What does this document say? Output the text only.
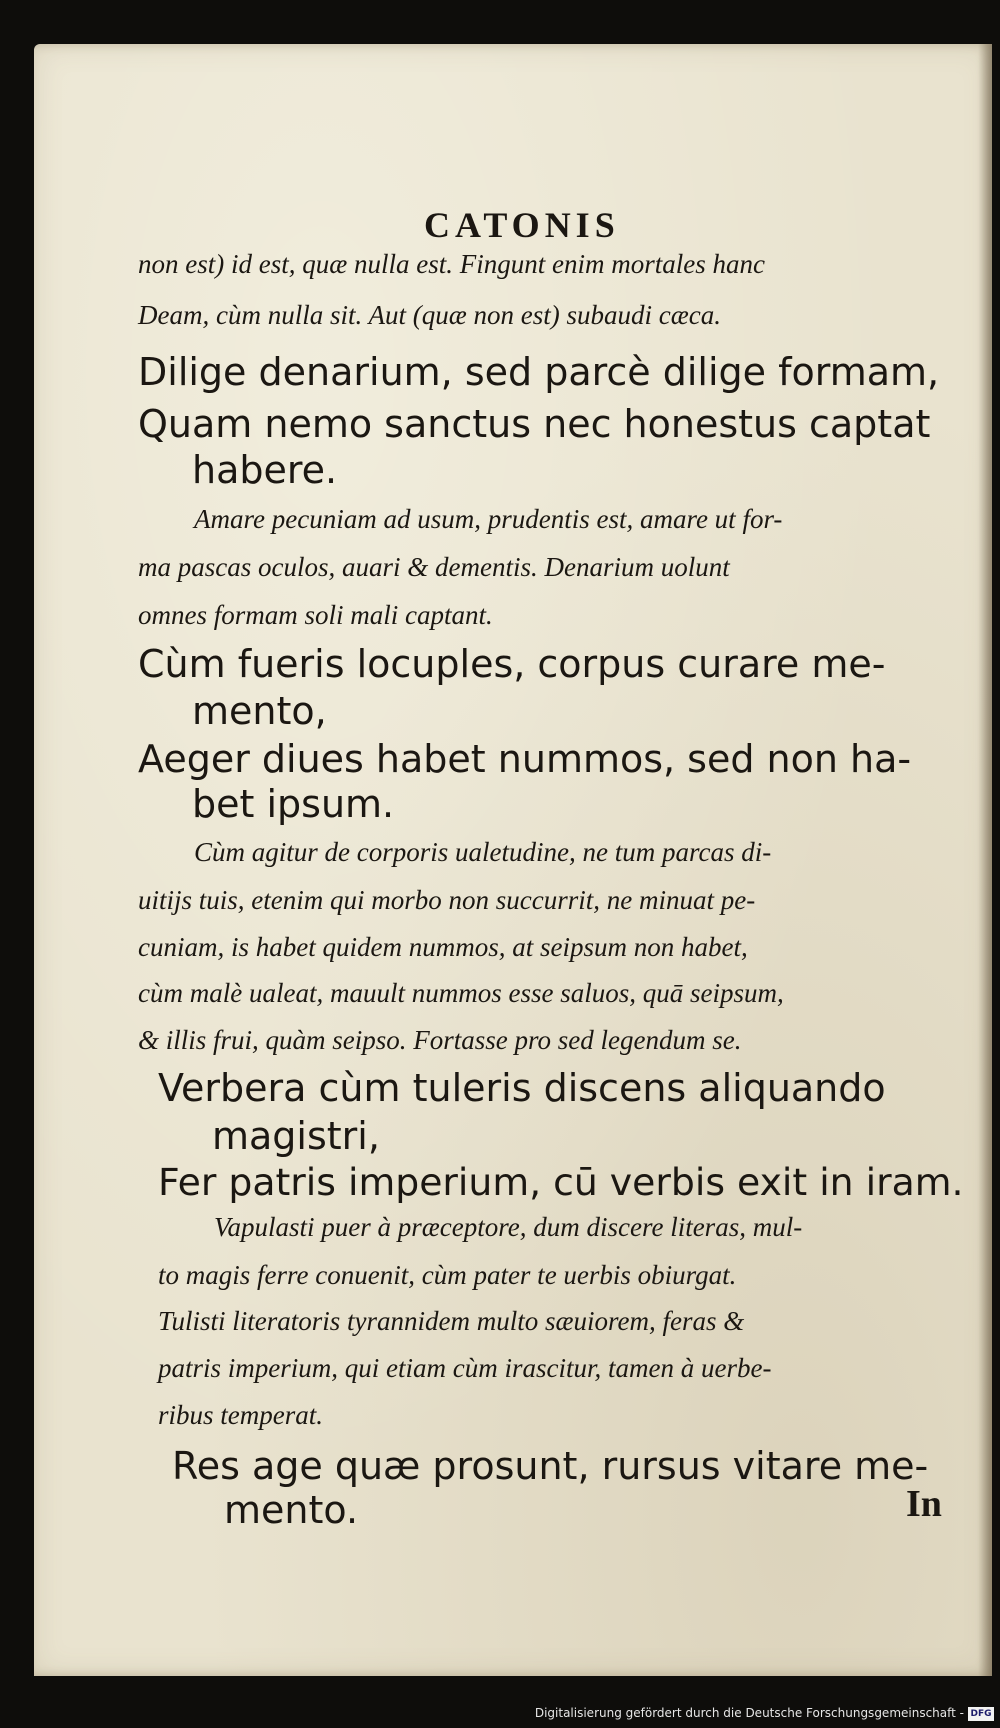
CATONIS
non est) id est, quæ nulla est. Fingunt enim mortales hanc
Deam, cùm nulla sit. Aut (quæ non est) subaudi cæca.
Dilige denarium, sed parcè dilige formam,
Quam nemo sanctus nec honestus captat
habere.
Amare pecuniam ad usum, prudentis est, amare ut for-
ma pascas oculos, auari & dementis. Denarium uolunt
omnes formam soli mali captant.
Cùm fueris locuples, corpus curare me-
mento,
Aeger diues habet nummos, sed non ha-
bet ipsum.
Cùm agitur de corporis ualetudine, ne tum parcas di-
uitijs tuis, etenim qui morbo non succurrit, ne minuat pe-
cuniam, is habet quidem nummos, at seipsum non habet,
cùm malè ualeat, mauult nummos esse saluos, quā seipsum,
& illis frui, quàm seipso. Fortasse pro sed legendum se.
Verbera cùm tuleris discens aliquando
magistri,
Fer patris imperium, cū verbis exit in iram.
Vapulasti puer à præceptore, dum discere literas, mul-
to magis ferre conuenit, cùm pater te uerbis obiurgat.
Tulisti literatoris tyrannidem multo sæuiorem, feras &
patris imperium, qui etiam cùm irascitur, tamen à uerbe-
ribus temperat.
Res age quæ prosunt, rursus vitare me-
mento.	In
Digitalisierung gefördert durch die Deutsche Forschungsgemeinschaft - DFG
